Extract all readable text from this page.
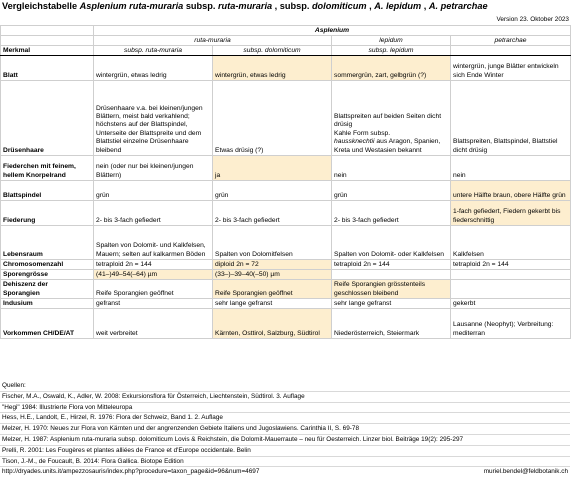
Vergleichstabelle Asplenium ruta-muraria subsp. ruta-muraria , subsp. dolomiticum , A. lepidum , A. petrarchae
Version 23. Oktober 2023
	Asplenium			
	ruta-muraria		lepidum	petrarchae
Merkmal	subsp. ruta-muraria	subsp. dolomiticum	subsp. lepidum	
Blatt	wintergrün, etwas ledrig	wintergrün, etwas ledrig	sommergrün, zart, gelbgrün (?)	wintergrün, junge Blätter entwickeln sich Ende Winter
Drüsenhaare	Drüsenhaare v.a. bei kleinen/jungen Blättern, meist bald verkahlend; höchstens auf der Blattspindel, Unterseite der Blattspreite und dem Blattstiel einzelne Drüsenhaare bleibend	Etwas drüsig (?)	Blattspreiten auf beiden Seiten dicht drüsig
Kahle Form subsp.
haussknechtii aus Aragon, Spanien, Kreta und Westasien bekannt	Blattspreiten, Blattspindel, Blattstiel dicht drüsig

Fiederchen mit feinem,
hellem Knorpelrand	nein (oder nur bei kleinen/jungen Blättern)	ja	nein	nein
Blattspindel	grün	grün	grün	untere Hälfte braun, obere Hälfte grün
Fiederung	2- bis 3-fach gefiedert	2- bis 3-fach gefiedert	2- bis 3-fach gefiedert	1-fach gefiedert, Fiedern gekerbt bis fiederschnittig
Lebensraum	Spalten von Dolomit- und Kalkfelsen, Mauern; selten auf kalkarmen Böden	Spalten von Dolomitfelsen	Spalten von Dolomit- oder Kalkfelsen	Kalkfelsen
Chromosomenzahl	tetraploid 2n = 144	diploid 2n = 72	tetraploid 2n = 144	tetraploid 2n = 144
Sporengrösse	(41–)49–54(–64) µm	(33–)–39–40(–50) µm		

Dehiszenz der
Sporangien	Reife Sporangien geöffnet	Reife Sporangien geöffnet	Reife Sporangien grösstenteils geschlossen bleibend	
Indusium	gefranst	sehr lange gefranst	sehr lange gefranst	gekerbt
Vorkommen CH/DE/AT	weit verbreitet	Kärnten, Osttirol, Salzburg, Südtirol	Niederösterreich, Steiermark	Lausanne (Neophyt); Verbreitung: mediterran
Quellen:
Fischer, M.A., Oswald, K., Adler, W. 2008: Exkursionsflora für Österreich, Liechtenstein, Südtirol. 3. Auflage
"Hegi" 1984: Illustrierte Flora von Mitteleuropa
Hess, H.E., Landolt, E., Hirzel, R. 1976: Flora der Schweiz, Band 1. 2. Auflage
Melzer, H. 1970: Neues zur Flora von Kärnten und der angrenzenden Gebiete Italiens und Jugoslawiens. Carinthia II, S. 69-78
Melzer, H. 1987: Asplenium ruta-muraria subsp. dolomiticum Lovis & Reichstein, die Dolomit-Mauerraute – neu für Oesterreich. Linzer biol. Beiträge 19(2): 295-297
Prelli, R. 2001: Les Fougères et plantes alliées de France et d'Europe occidentale. Belin
Tison, J.-M., de Foucault, B. 2014: Flora Gallica. Biotope Edition
http://dryades.units.it/ampezzosauris/index.php?procedure=taxon_page&id=96&num=4697	muriel.bendel@feldbotanik.ch
